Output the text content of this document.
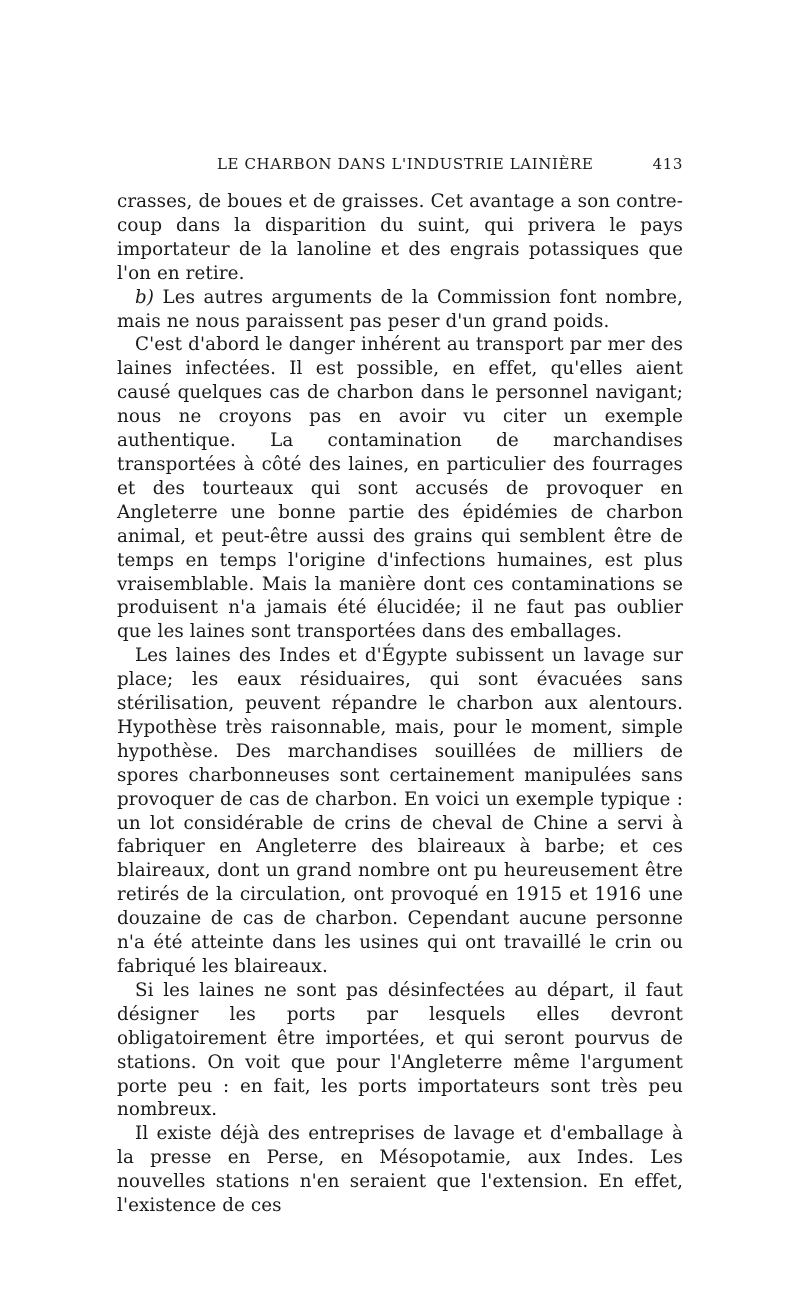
LE CHARBON DANS L'INDUSTRIE LAINIÈRE	413

crasses, de boues et de graisses. Cet avantage a son contre-coup dans la disparition du suint, qui privera le pays importateur de la lanoline et des engrais potassiques que l'on en retire.

b) Les autres arguments de la Commission font nombre, mais ne nous paraissent pas peser d'un grand poids.

C'est d'abord le danger inhérent au transport par mer des laines infectées. Il est possible, en effet, qu'elles aient causé quelques cas de charbon dans le personnel navigant; nous ne croyons pas en avoir vu citer un exemple authentique. La contamination de marchandises transportées à côté des laines, en particulier des fourrages et des tourteaux qui sont accusés de provoquer en Angleterre une bonne partie des épidémies de charbon animal, et peut-être aussi des grains qui semblent être de temps en temps l'origine d'infections humaines, est plus vraisemblable. Mais la manière dont ces contaminations se produisent n'a jamais été élucidée; il ne faut pas oublier que les laines sont transportées dans des emballages.

Les laines des Indes et d'Égypte subissent un lavage sur place; les eaux résiduaires, qui sont évacuées sans stérilisation, peuvent répandre le charbon aux alentours. Hypothèse très raisonnable, mais, pour le moment, simple hypothèse. Des marchandises souillées de milliers de spores charbonneuses sont certainement manipulées sans provoquer de cas de charbon. En voici un exemple typique : un lot considérable de crins de cheval de Chine a servi à fabriquer en Angleterre des blaireaux à barbe; et ces blaireaux, dont un grand nombre ont pu heureusement être retirés de la circulation, ont provoqué en 1915 et 1916 une douzaine de cas de charbon. Cependant aucune personne n'a été atteinte dans les usines qui ont travaillé le crin ou fabriqué les blaireaux.

Si les laines ne sont pas désinfectées au départ, il faut désigner les ports par lesquels elles devront obligatoirement être importées, et qui seront pourvus de stations. On voit que pour l'Angleterre même l'argument porte peu : en fait, les ports importateurs sont très peu nombreux.

Il existe déjà des entreprises de lavage et d'emballage à la presse en Perse, en Mésopotamie, aux Indes. Les nouvelles stations n'en seraient que l'extension. En effet, l'existence de ces
